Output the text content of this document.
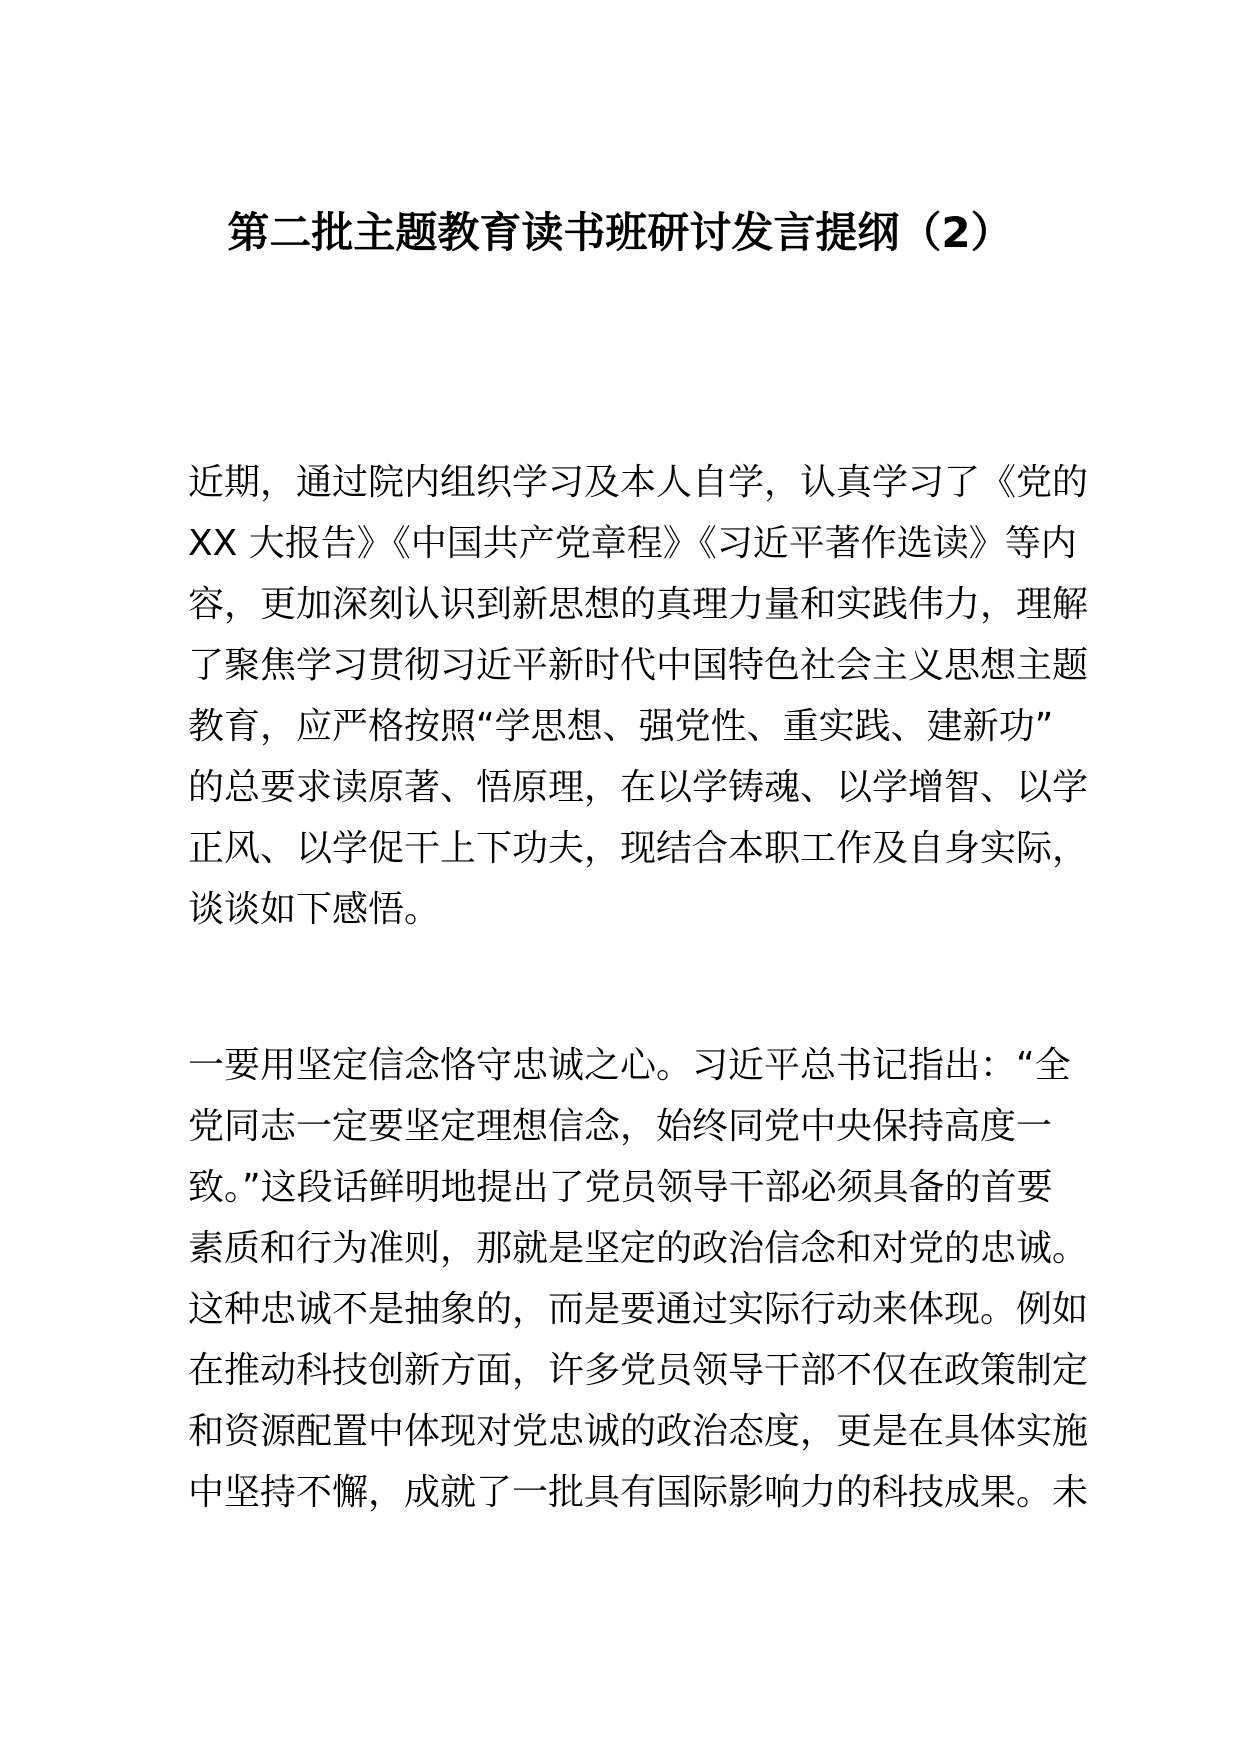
第二批主题教育读书班研讨发言提纲（2）

近期，通过院内组织学习及本人自学，认真学习了《党的
XX 大报告》《中国共产党章程》《习近平著作选读》等内
容，更加深刻认识到新思想的真理力量和实践伟力，理解
了聚焦学习贯彻习近平新时代中国特色社会主义思想主题
教育，应严格按照“学思想、强党性、重实践、建新功”
的总要求读原著、悟原理，在以学铸魂、以学增智、以学
正风、以学促干上下功夫，现结合本职工作及自身实际，
谈谈如下感悟。

一要用坚定信念恪守忠诚之心。习近平总书记指出：“全
党同志一定要坚定理想信念，始终同党中央保持高度一
致。”这段话鲜明地提出了党员领导干部必须具备的首要
素质和行为准则，那就是坚定的政治信念和对党的忠诚。
这种忠诚不是抽象的，而是要通过实际行动来体现。例如
在推动科技创新方面，许多党员领导干部不仅在政策制定
和资源配置中体现对党忠诚的政治态度，更是在具体实施
中坚持不懈，成就了一批具有国际影响力的科技成果。未
